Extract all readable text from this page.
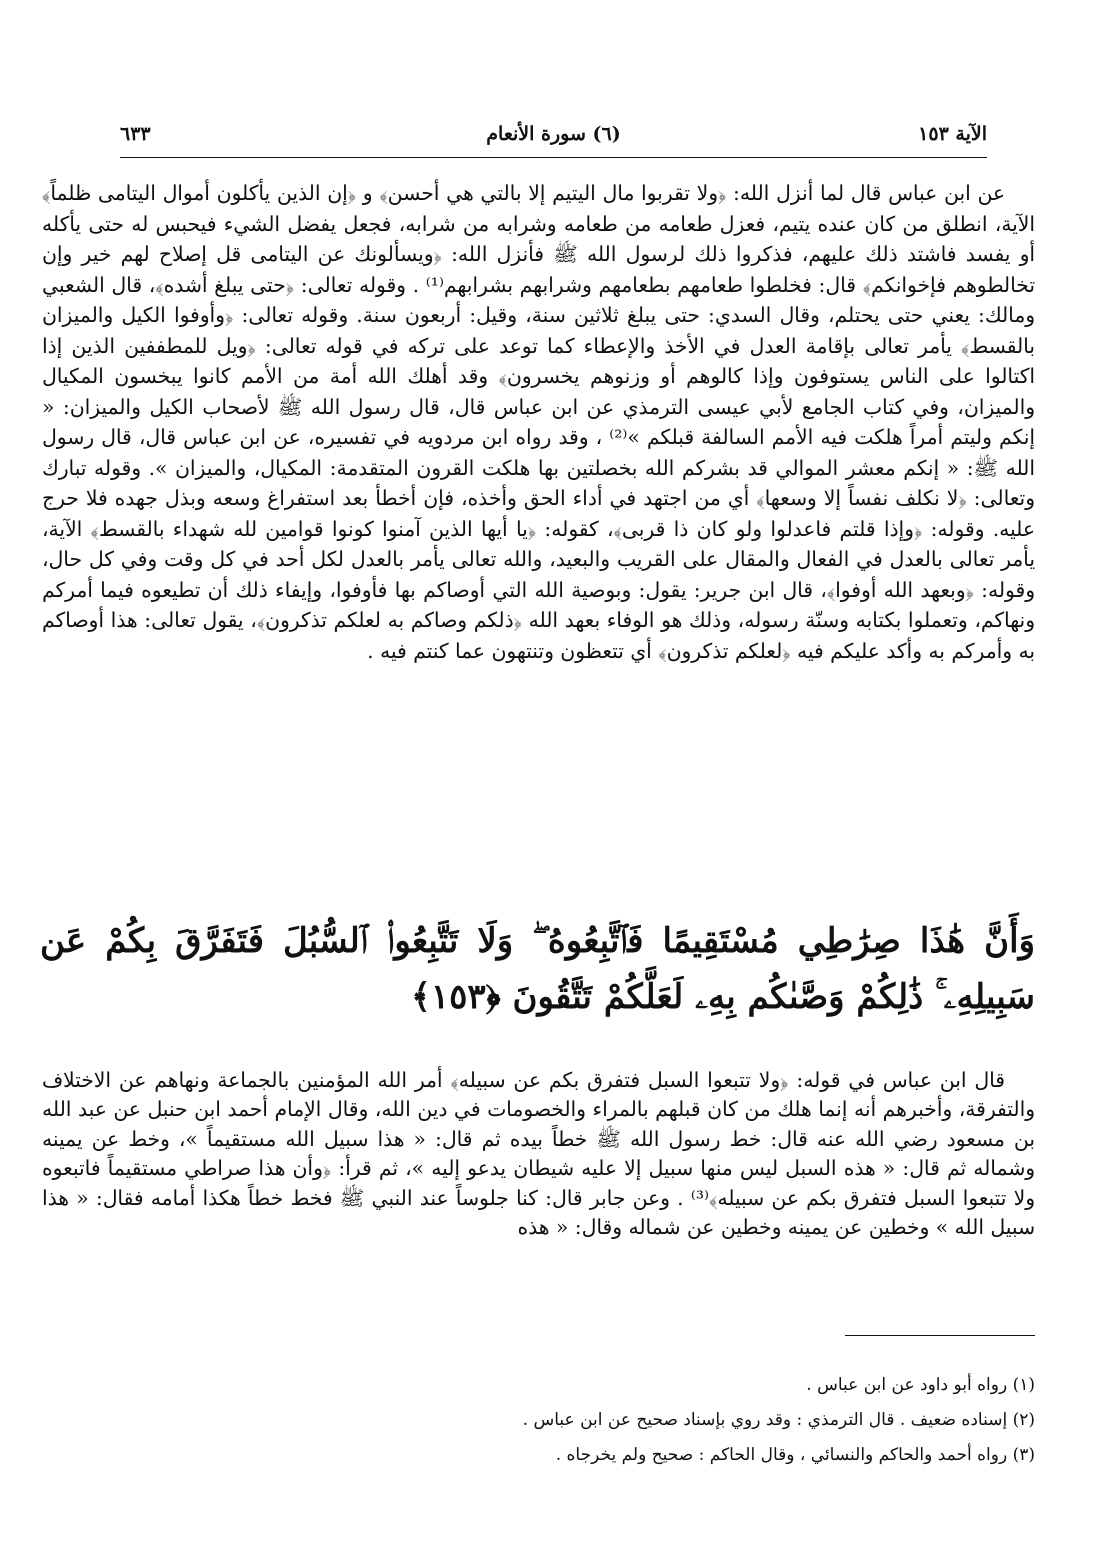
الآية ١٥٣
(٦) سورة الأنعام
٦٣٣

عن ابن عباس قال لما أنزل الله: ﴿ولا تقربوا مال اليتيم إلا بالتي هي أحسن﴾ و ﴿إن الذين يأكلون أموال اليتامى ظلماً﴾ الآية، انطلق من كان عنده يتيم، فعزل طعامه من طعامه وشرابه من شرابه، فجعل يفضل الشيء فيحبس له حتى يأكله أو يفسد فاشتد ذلك عليهم، فذكروا ذلك لرسول الله ﷺ فأنزل الله: ﴿ويسألونك عن اليتامى قل إصلاح لهم خير وإن تخالطوهم فإخوانكم﴾ قال: فخلطوا طعامهم بطعامهم وشرابهم بشرابهم⁽¹⁾ . وقوله تعالى: ﴿حتى يبلغ أشده﴾، قال الشعبي ومالك: يعني حتى يحتلم، وقال السدي: حتى يبلغ ثلاثين سنة، وقيل: أربعون سنة. وقوله تعالى: ﴿وأوفوا الكيل والميزان بالقسط﴾ يأمر تعالى بإقامة العدل في الأخذ والإعطاء كما توعد على تركه في قوله تعالى: ﴿ويل للمطففين الذين إذا اكتالوا على الناس يستوفون وإذا كالوهم أو وزنوهم يخسرون﴾ وقد أهلك الله أمة من الأمم كانوا يبخسون المكيال والميزان، وفي كتاب الجامع لأبي عيسى الترمذي عن ابن عباس قال، قال رسول الله ﷺ لأصحاب الكيل والميزان: « إنكم وليتم أمراً هلكت فيه الأمم السالفة قبلكم »⁽²⁾ ، وقد رواه ابن مردويه في تفسيره، عن ابن عباس قال، قال رسول الله ﷺ: « إنكم معشر الموالي قد بشركم الله بخصلتين بها هلكت القرون المتقدمة: المكيال، والميزان ». وقوله تبارك وتعالى: ﴿لا نكلف نفساً إلا وسعها﴾ أي من اجتهد في أداء الحق وأخذه، فإن أخطأ بعد استفراغ وسعه وبذل جهده فلا حرج عليه. وقوله: ﴿وإذا قلتم فاعدلوا ولو كان ذا قربى﴾، كقوله: ﴿يا أيها الذين آمنوا كونوا قوامين لله شهداء بالقسط﴾ الآية، يأمر تعالى بالعدل في الفعال والمقال على القريب والبعيد، والله تعالى يأمر بالعدل لكل أحد في كل وقت وفي كل حال، وقوله: ﴿وبعهد الله أوفوا﴾، قال ابن جرير: يقول: وبوصية الله التي أوصاكم بها فأوفوا، وإيفاء ذلك أن تطيعوه فيما أمركم ونهاكم، وتعملوا بكتابه وسنّة رسوله، وذلك هو الوفاء بعهد الله ﴿ذلكم وصاكم به لعلكم تذكرون﴾، يقول تعالى: هذا أوصاكم به وأمركم به وأكد عليكم فيه ﴿لعلكم تذكرون﴾ أي تتعظون وتنتهون عما كنتم فيه .

وَأَنَّ هَٰذَا صِرَٰطِي مُسْتَقِيمًا فَٱتَّبِعُوهُ ۖ وَلَا تَتَّبِعُوا۟ ٱلسُّبُلَ فَتَفَرَّقَ بِكُمْ عَن سَبِيلِهِۦ ۚ ذَٰلِكُمْ وَصَّىٰكُم بِهِۦ لَعَلَّكُمْ تَتَّقُونَ ﴿١٥٣﴾

قال ابن عباس في قوله: ﴿ولا تتبعوا السبل فتفرق بكم عن سبيله﴾ أمر الله المؤمنين بالجماعة ونهاهم عن الاختلاف والتفرقة، وأخبرهم أنه إنما هلك من كان قبلهم بالمراء والخصومات في دين الله، وقال الإمام أحمد ابن حنبل عن عبد الله بن مسعود رضي الله عنه قال: خط رسول الله ﷺ خطاً بيده ثم قال: « هذا سبيل الله مستقيماً »، وخط عن يمينه وشماله ثم قال: « هذه السبل ليس منها سبيل إلا عليه شيطان يدعو إليه »، ثم قرأ: ﴿وأن هذا صراطي مستقيماً فاتبعوه ولا تتبعوا السبل فتفرق بكم عن سبيله﴾⁽³⁾ . وعن جابر قال: كنا جلوساً عند النبي ﷺ فخط خطاً هكذا أمامه فقال: « هذا سبيل الله » وخطين عن يمينه وخطين عن شماله وقال: « هذه

(١) رواه أبو داود عن ابن عباس .
(٢) إسناده ضعيف . قال الترمذي : وقد روي بإسناد صحيح عن ابن عباس .
(٣) رواه أحمد والحاكم والنسائي ، وقال الحاكم : صحيح ولم يخرجاه .
